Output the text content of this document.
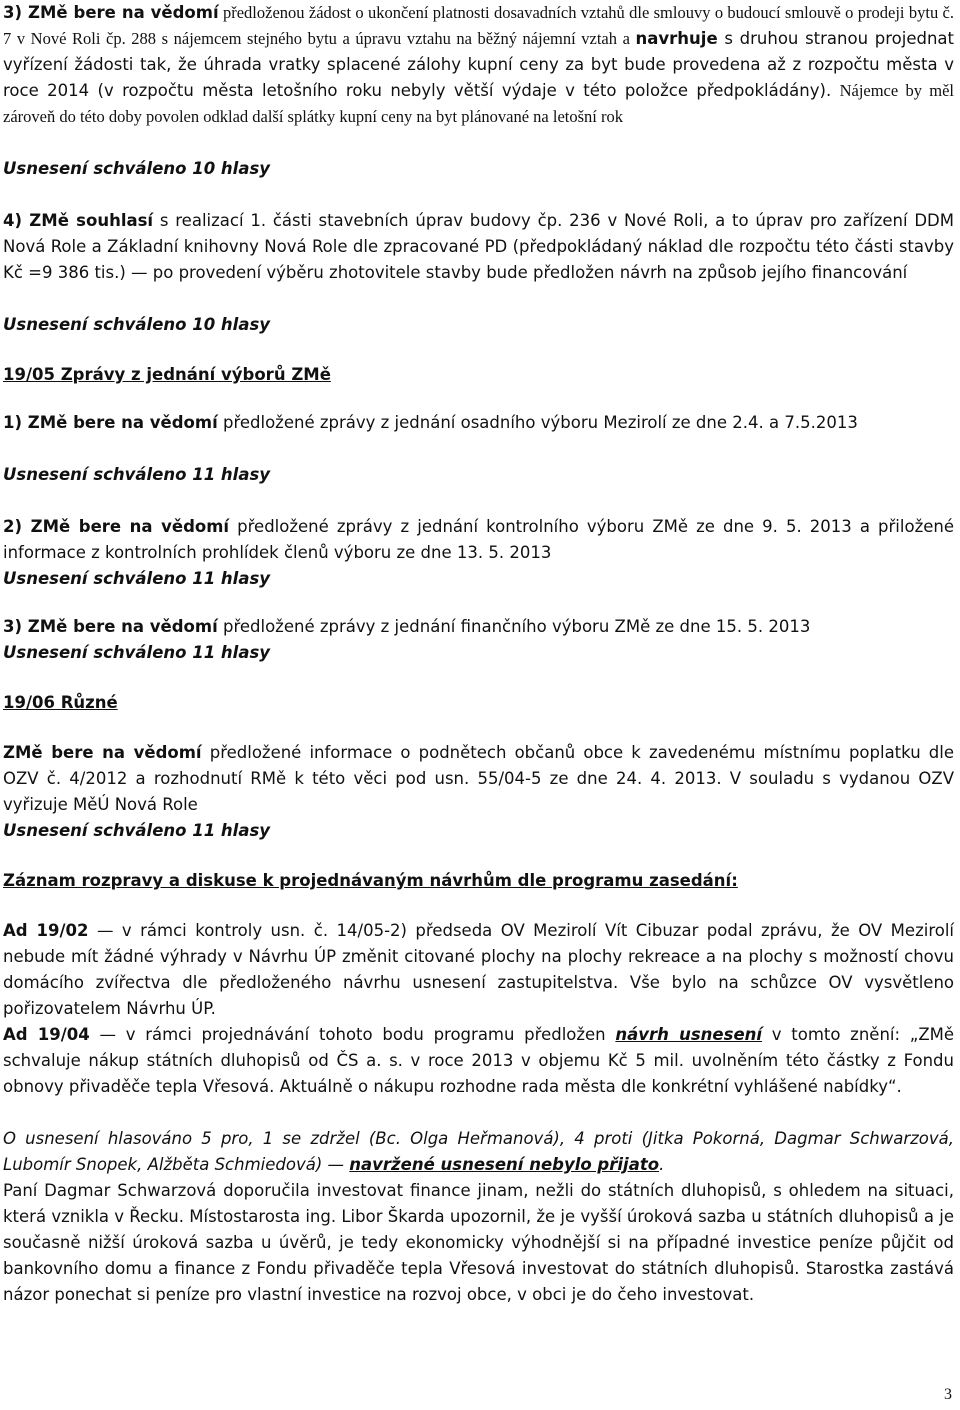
3) ZMě bere na vědomí předloženou žádost o ukončení platnosti dosavadních vztahů dle smlouvy o budoucí smlouvě o prodeji bytu č. 7 v Nové Roli čp. 288 s nájemcem stejného bytu a úpravu vztahu na běžný nájemní vztah a navrhuje s druhou stranou projednat vyřízení žádosti tak, že úhrada vratky splacené zálohy kupní ceny za byt bude provedena až z rozpočtu města v roce 2014 (v rozpočtu města letošního roku nebyly větší výdaje v této položce předpokládány). Nájemce by měl zároveň do této doby povolen odklad další splátky kupní ceny na byt plánované na letošní rok
Usnesení schváleno 10 hlasy
4) ZMě souhlasí s realizací 1. části stavebních úprav budovy čp. 236 v Nové Roli, a to úprav pro zařízení DDM Nová Role a Základní knihovny Nová Role dle zpracované PD (předpokládaný náklad dle rozpočtu této části stavby Kč =9 386 tis.) — po provedení výběru zhotovitele stavby bude předložen návrh na způsob jejího financování
Usnesení schváleno 10 hlasy
19/05 Zprávy z jednání výborů ZMě
1) ZMě bere na vědomí předložené zprávy z jednání osadního výboru Mezirolí ze dne 2.4. a 7.5.2013
Usnesení schváleno 11 hlasy
2) ZMě bere na vědomí předložené zprávy z jednání kontrolního výboru ZMě ze dne 9. 5. 2013 a přiložené informace z kontrolních prohlídek členů výboru ze dne 13. 5. 2013
Usnesení schváleno 11 hlasy
3) ZMě bere na vědomí předložené zprávy z jednání finančního výboru ZMě ze dne 15. 5. 2013
Usnesení schváleno 11 hlasy
19/06 Různé
ZMě bere na vědomí předložené informace o podnětech občanů obce k zavedenému místnímu poplatku dle OZV č. 4/2012 a rozhodnutí RMě k této věci pod usn. 55/04-5 ze dne 24. 4. 2013. V souladu s vydanou OZV vyřizuje MěÚ Nová Role
Usnesení schváleno 11 hlasy
Záznam rozpravy a diskuse k projednávaným návrhům dle programu zasedání:
Ad 19/02 — v rámci kontroly usn. č. 14/05-2) předseda OV Mezirolí Vít Cibuzar podal zprávu, že OV Mezirolí nebude mít žádné výhrady v Návrhu ÚP změnit citované plochy na plochy rekreace a na plochy s možností chovu domácího zvířectva dle předloženého návrhu usnesení zastupitelstva. Vše bylo na schůzce OV vysvětleno pořizovatelem Návrhu ÚP.
Ad 19/04 — v rámci projednávání tohoto bodu programu předložen návrh usnesení v tomto znění: „ZMě schvaluje nákup státních dluhopisů od ČS a. s. v roce 2013 v objemu Kč 5 mil. uvolněním této částky z Fondu obnovy přivaděče tepla Vřesová. Aktuálně o nákupu rozhodne rada města dle konkrétní vyhlášené nabídky“.
O usnesení hlasováno 5 pro, 1 se zdržel (Bc. Olga Heřmanová), 4 proti (Jitka Pokorná, Dagmar Schwarzová, Lubomír Snopek, Alžběta Schmiedová) — navržené usnesení nebylo přijato.
Paní Dagmar Schwarzová doporučila investovat finance jinam, nežli do státních dluhopisů, s ohledem na situaci, která vznikla v Řecku. Místostarosta ing. Libor Škarda upozornil, že je vyšší úroková sazba u státních dluhopisů a je současně nižší úroková sazba u úvěrů, je tedy ekonomicky výhodnější si na případné investice peníze půjčit od bankovního domu a finance z Fondu přivaděče tepla Vřesová investovat do státních dluhopisů. Starostka zastává názor ponechat si peníze pro vlastní investice na rozvoj obce, v obci je do čeho investovat.
3
